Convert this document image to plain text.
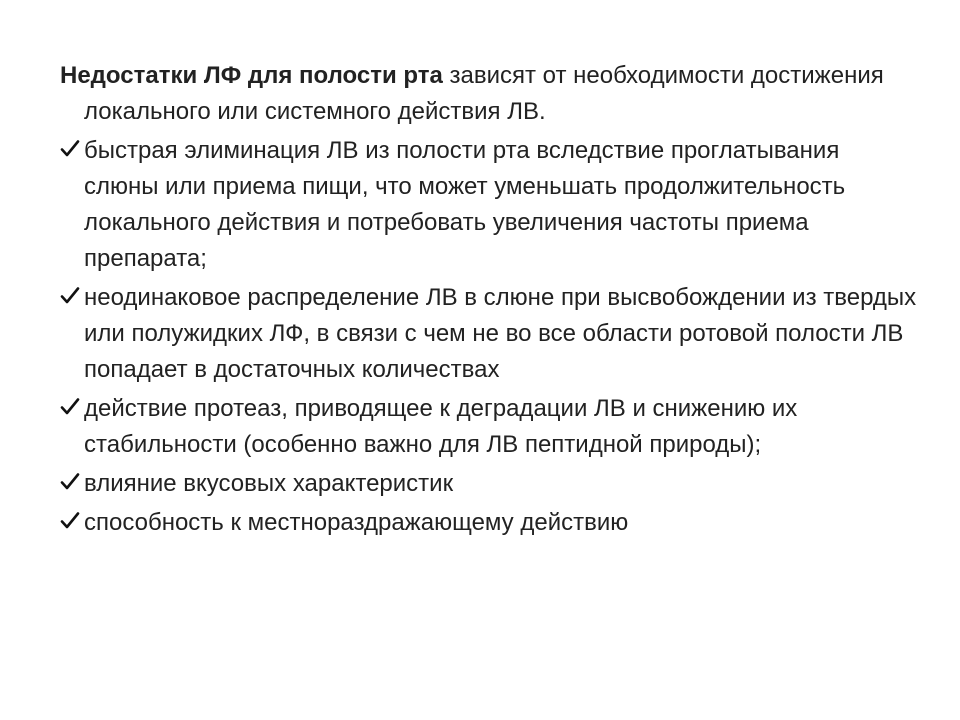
Недостатки ЛФ для полости рта зависят от необходимости достижения локального или системного действия ЛВ.

быстрая элиминация ЛВ из полости рта вследствие проглатывания слюны или приема пищи, что может уменьшать продолжительность локального действия и потребовать увеличения частоты приема препарата;
неодинаковое распределение ЛВ в слюне при высвобождении из твердых или полужидких ЛФ, в связи с чем не во все области ротовой полости ЛВ попадает в достаточных количествах
действие протеаз, приводящее к деградации ЛВ и снижению их стабильности (особенно важно для ЛВ пептидной природы);
влияние вкусовых характеристик
способность к местнораздражающему действию
